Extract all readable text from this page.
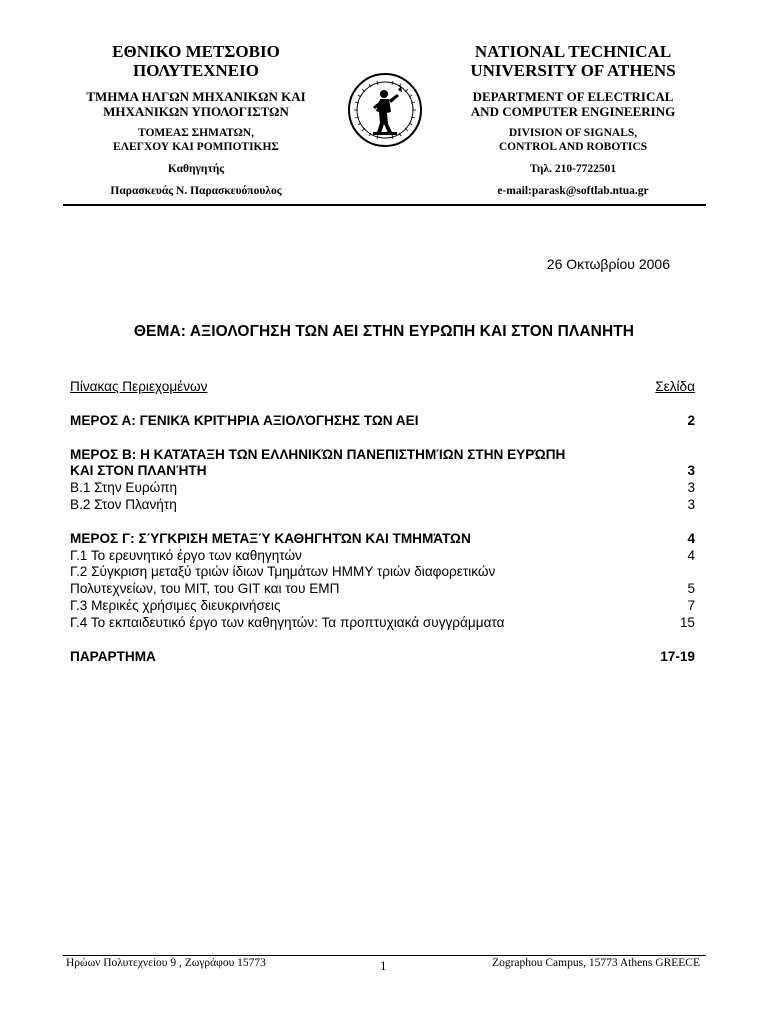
ΕΘΝΙΚΟ ΜΕΤΣΟΒΙΟ
ΠΟΛΥΤΕΧΝΕΙΟ
ΤΜΗΜΑ ΗΛΓΩΝ ΜΗΧΑΝΙΚΩΝ ΚΑΙ
ΜΗΧΑΝΙΚΩΝ ΥΠΟΛΟΓΙΣΤΩΝ
ΤΟΜΕΑΣ ΣΗΜΑΤΩΝ,
ΕΛΕΓΧΟΥ ΚΑΙ ΡΟΜΠΟΤΙΚΗΣ
Καθηγητής
Παρασκευάς Ν. Παρασκευόπουλος
NATIONAL TECHNICAL
UNIVERSITY OF ATHENS
DEPARTMENT OF ELECTRICAL
AND COMPUTER ENGINEERING
DIVISION OF SIGNALS,
CONTROL AND ROBOTICS
Τηλ. 210-7722501
e-mail:parask@softlab.ntua.gr
26 Οκτωβρίου 2006
ΘΕΜΑ: ΑΞΙΟΛΟΓΗΣΗ ΤΩΝ ΑΕΙ ΣΤΗΝ ΕΥΡΩΠΗ ΚΑΙ ΣΤΟΝ ΠΛΑΝΗΤΗ
Πίνακας Περιεχομένων	Σελίδα
ΜΕΡΟΣ Α: ΓΕΝΙΚΆ ΚΡΙΤΉΡΙΑ ΑΞΙΟΛΌΓΗΣΗΣ ΤΩΝ ΑΕΙ	2
ΜΕΡΟΣ Β: Η ΚΑΤΆΤΑΞΗ ΤΩΝ ΕΛΛΗΝΙΚΏΝ ΠΑΝΕΠΙΣΤΗΜΊΩΝ ΣΤΗΝ ΕΥΡΏΠΗ
ΚΑΙ ΣΤΟΝ ΠΛΑΝΉΤΗ	3
Β.1 Στην Ευρώπη	3
Β.2 Στον Πλανήτη	3
ΜΕΡΟΣ Γ: ΣΎΓΚΡΙΣΗ ΜΕΤΑΞΎ ΚΑΘΗΓΗΤΏΝ ΚΑΙ ΤΜΗΜΆΤΩΝ	4
Γ.1 Το ερευνητικό έργο των καθηγητών	4
Γ.2 Σύγκριση μεταξύ τριών ίδιων Τμημάτων ΗΜΜΥ τριών διαφορετικών
Πολυτεχνείων, του MIT, του GIT και του ΕΜΠ	5
Γ.3 Μερικές χρήσιμες διευκρινήσεις	7
Γ.4 Το εκπαιδευτικό έργο των καθηγητών: Τα προπτυχιακά συγγράμματα	15
ΠΑΡΑΡΤΗΜΑ	17-19
Ηρώων Πολυτεχνείου 9 , Ζωγράφου 15773	1	Zographou Campus, 15773 Athens GREECE
